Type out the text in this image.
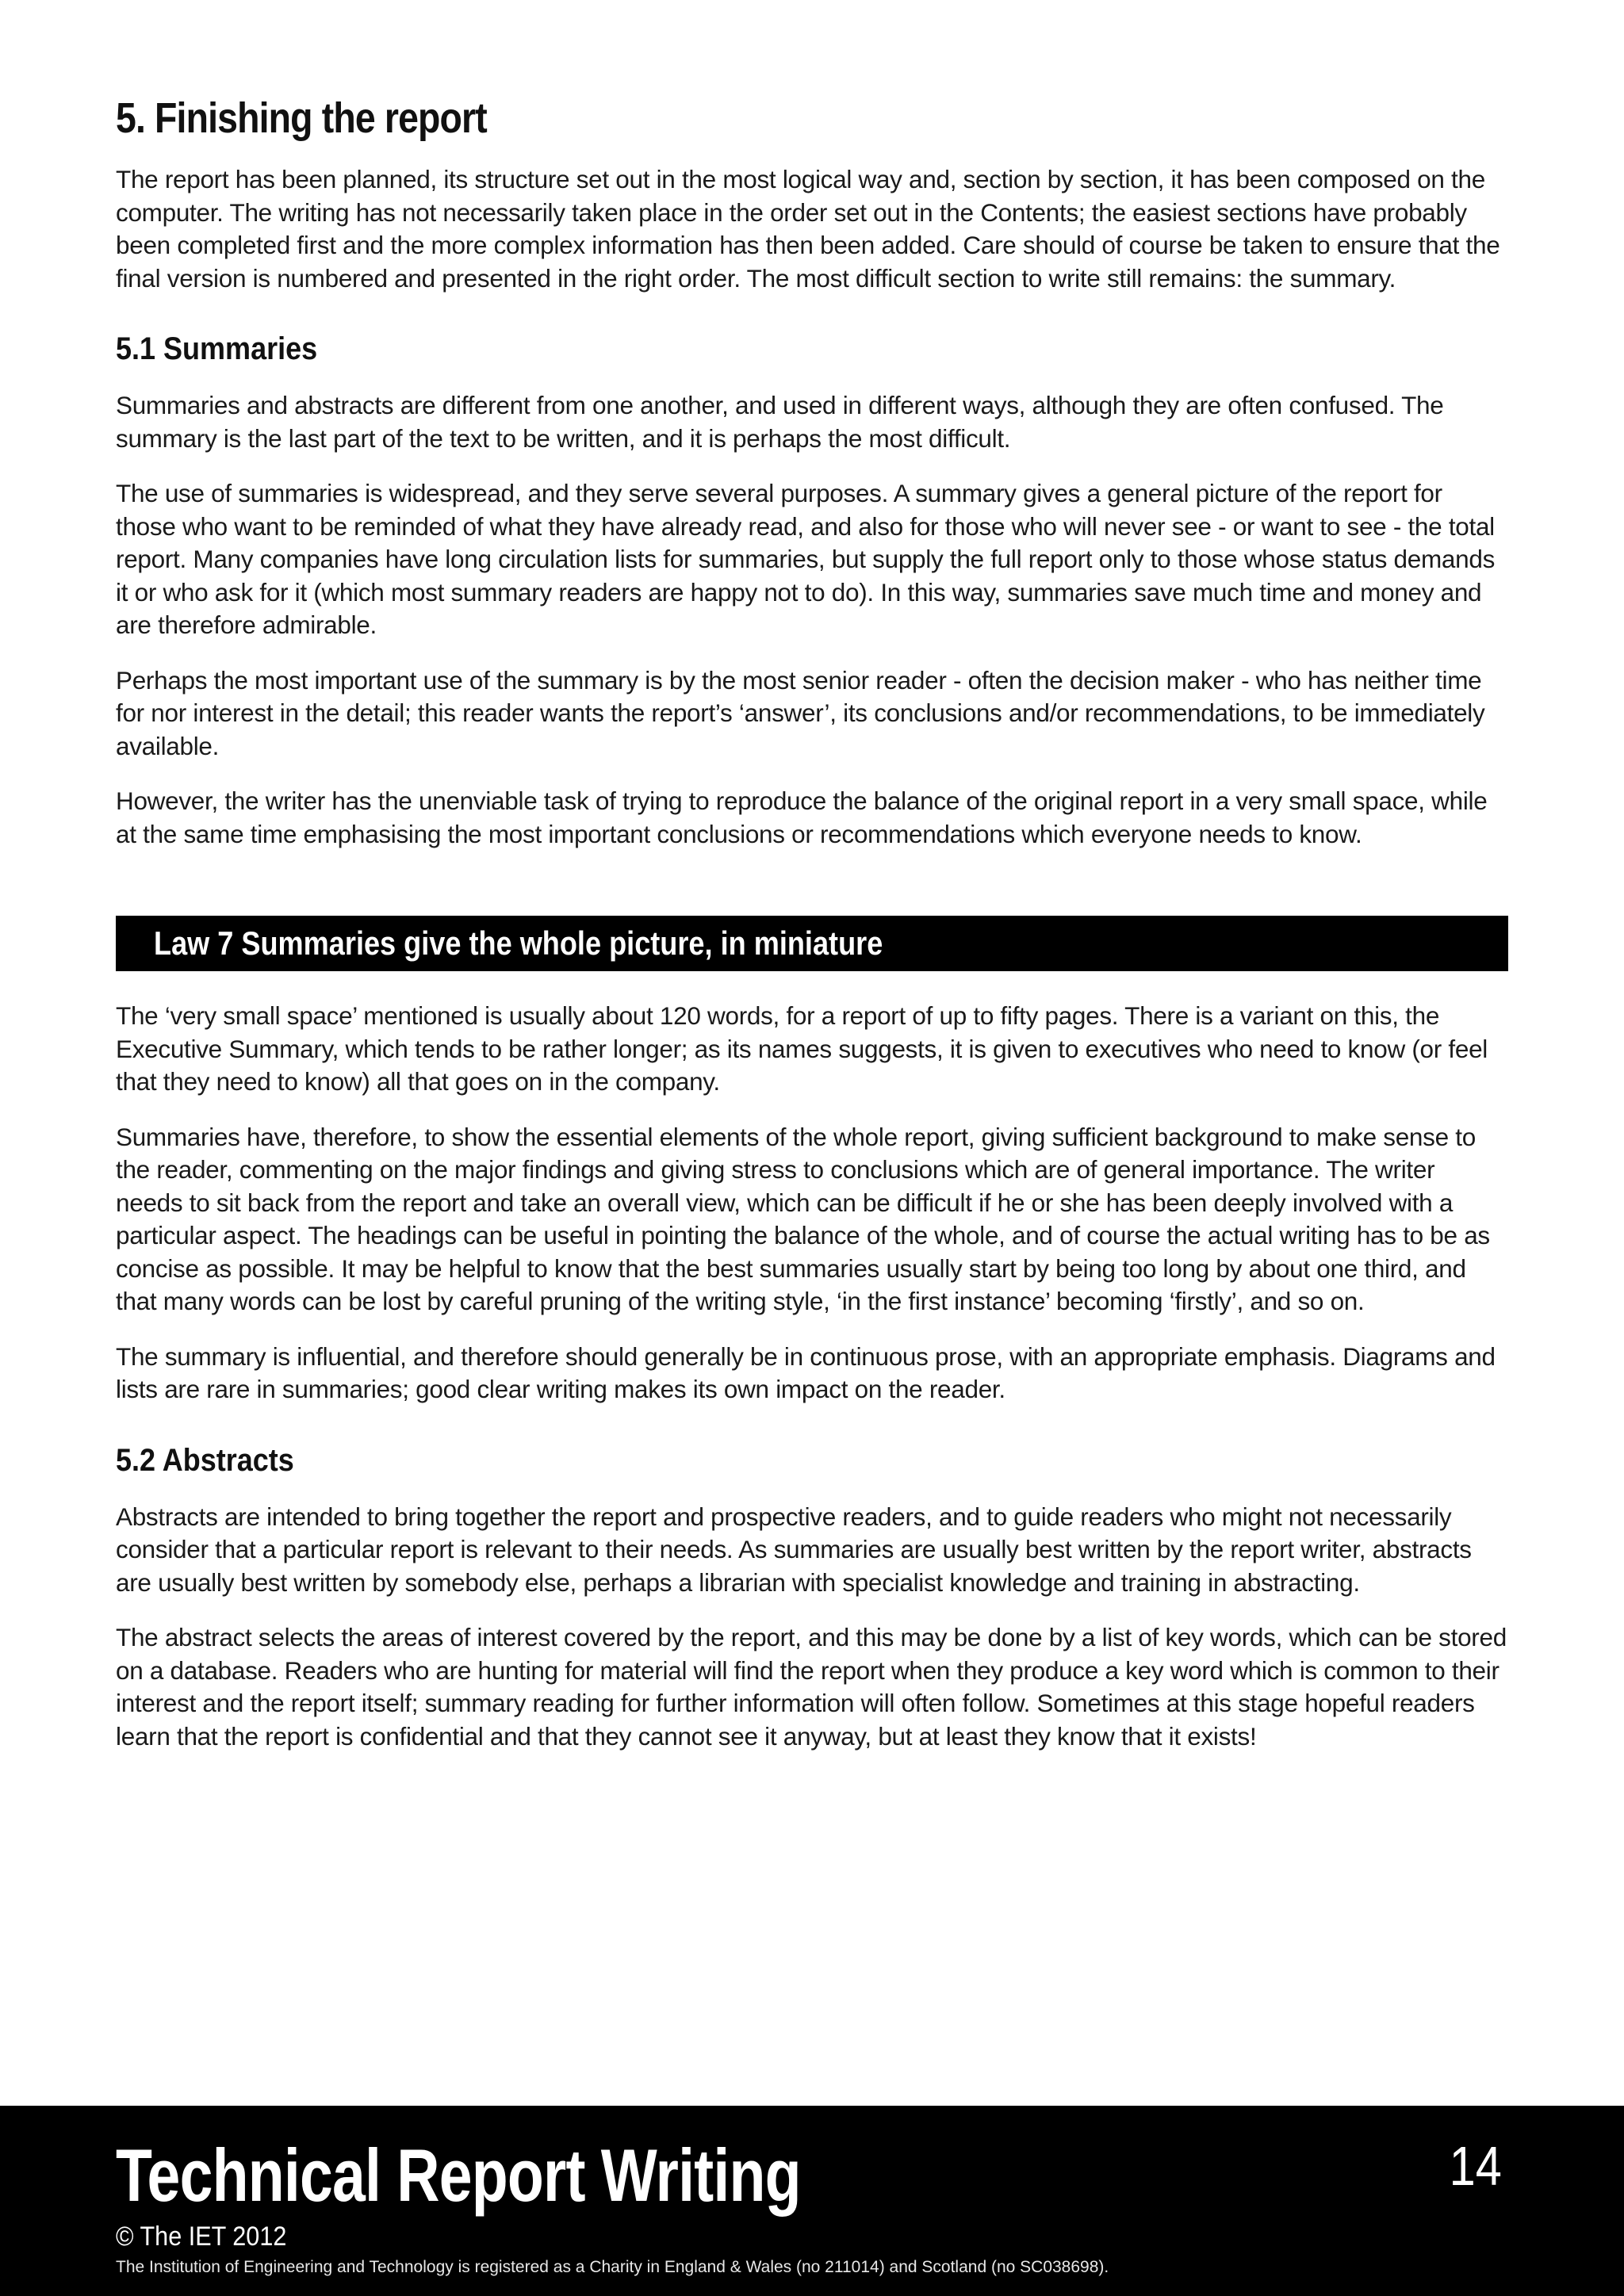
5. Finishing the report

The report has been planned, its structure set out in the most logical way and, section by section, it has been composed on the computer. The writing has not necessarily taken place in the order set out in the Contents; the easiest sections have probably been completed first and the more complex information has then been added. Care should of course be taken to ensure that the final version is numbered and presented in the right order. The most difficult section to write still remains: the summary.

5.1 Summaries

Summaries and abstracts are different from one another, and used in different ways, although they are often confused. The summary is the last part of the text to be written, and it is perhaps the most difficult.

The use of summaries is widespread, and they serve several purposes. A summary gives a general picture of the report for those who want to be reminded of what they have already read, and also for those who will never see - or want to see - the total report. Many companies have long circulation lists for summaries, but supply the full report only to those whose status demands it or who ask for it (which most summary readers are happy not to do). In this way, summaries save much time and money and are therefore admirable.

Perhaps the most important use of the summary is by the most senior reader - often the decision maker - who has neither time for nor interest in the detail; this reader wants the report’s ‘answer’, its conclusions and/or recommendations, to be immediately available.

However, the writer has the unenviable task of trying to reproduce the balance of the original report in a very small space, while at the same time emphasising the most important conclusions or recommendations which everyone needs to know.

Law 7 Summaries give the whole picture, in miniature

The ‘very small space’ mentioned is usually about 120 words, for a report of up to fifty pages. There is a variant on this, the Executive Summary, which tends to be rather longer; as its names suggests, it is given to executives who need to know (or feel that they need to know) all that goes on in the company.

Summaries have, therefore, to show the essential elements of the whole report, giving sufficient background to make sense to the reader, commenting on the major findings and giving stress to conclusions which are of general importance. The writer needs to sit back from the report and take an overall view, which can be difficult if he or she has been deeply involved with a particular aspect. The headings can be useful in pointing the balance of the whole, and of course the actual writing has to be as concise as possible. It may be helpful to know that the best summaries usually start by being too long by about one third, and that many words can be lost by careful pruning of the writing style, ‘in the first instance’ becoming ‘firstly’, and so on.

The summary is influential, and therefore should generally be in continuous prose, with an appropriate emphasis. Diagrams and lists are rare in summaries; good clear writing makes its own impact on the reader.

5.2 Abstracts

Abstracts are intended to bring together the report and prospective readers, and to guide readers who might not necessarily consider that a particular report is relevant to their needs. As summaries are usually best written by the report writer, abstracts are usually best written by somebody else, perhaps a librarian with specialist knowledge and training in abstracting.

The abstract selects the areas of interest covered by the report, and this may be done by a list of key words, which can be stored on a database. Readers who are hunting for material will find the report when they produce a key word which is common to their interest and the report itself; summary reading for further information will often follow. Sometimes at this stage hopeful readers learn that the report is confidential and that they cannot see it anyway, but at least they know that it exists!

Technical Report Writing	14
© The IET 2012
The Institution of Engineering and Technology is registered as a Charity in England & Wales (no 211014) and Scotland (no SC038698).
